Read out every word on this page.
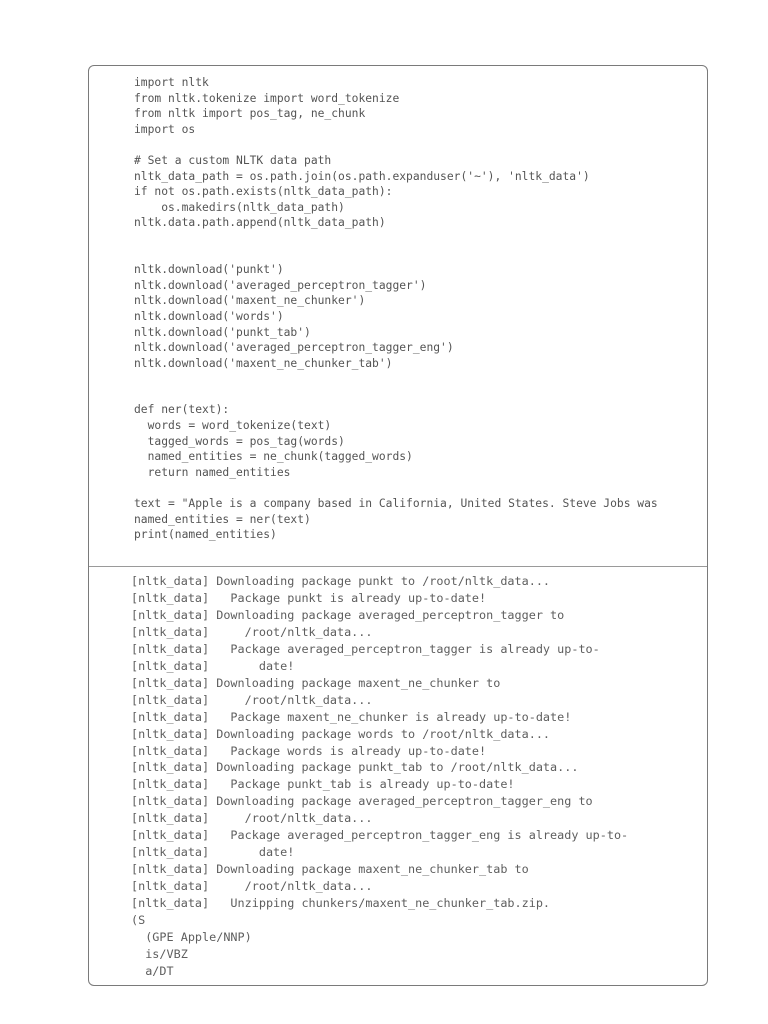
import nltk
from nltk.tokenize import word_tokenize
from nltk import pos_tag, ne_chunk
import os

# Set a custom NLTK data path
nltk_data_path = os.path.join(os.path.expanduser('~'), 'nltk_data')
if not os.path.exists(nltk_data_path):
os.makedirs(nltk_data_path)
nltk.data.path.append(nltk_data_path)

nltk.download('punkt')
nltk.download('averaged_perceptron_tagger')
nltk.download('maxent_ne_chunker')
nltk.download('words')
nltk.download('punkt_tab')
nltk.download('averaged_perceptron_tagger_eng')
nltk.download('maxent_ne_chunker_tab')

def ner(text):
words = word_tokenize(text)
tagged_words = pos_tag(words)
named_entities = ne_chunk(tagged_words)
return named_entities

text = "Apple is a company based in California, United States. Steve Jobs was
named_entities = ner(text)
print(named_entities)
[nltk_data] Downloading package punkt to /root/nltk_data...
[nltk_data]   Package punkt is already up-to-date!
[nltk_data] Downloading package averaged_perceptron_tagger to
[nltk_data]     /root/nltk_data...
[nltk_data]   Package averaged_perceptron_tagger is already up-to-
[nltk_data]       date!
[nltk_data] Downloading package maxent_ne_chunker to
[nltk_data]     /root/nltk_data...
[nltk_data]   Package maxent_ne_chunker is already up-to-date!
[nltk_data] Downloading package words to /root/nltk_data...
[nltk_data]   Package words is already up-to-date!
[nltk_data] Downloading package punkt_tab to /root/nltk_data...
[nltk_data]   Package punkt_tab is already up-to-date!
[nltk_data] Downloading package averaged_perceptron_tagger_eng to
[nltk_data]     /root/nltk_data...
[nltk_data]   Package averaged_perceptron_tagger_eng is already up-to-
[nltk_data]       date!
[nltk_data] Downloading package maxent_ne_chunker_tab to
[nltk_data]     /root/nltk_data...
[nltk_data]   Unzipping chunkers/maxent_ne_chunker_tab.zip.
(S
(GPE Apple/NNP)
is/VBZ
a/DT
